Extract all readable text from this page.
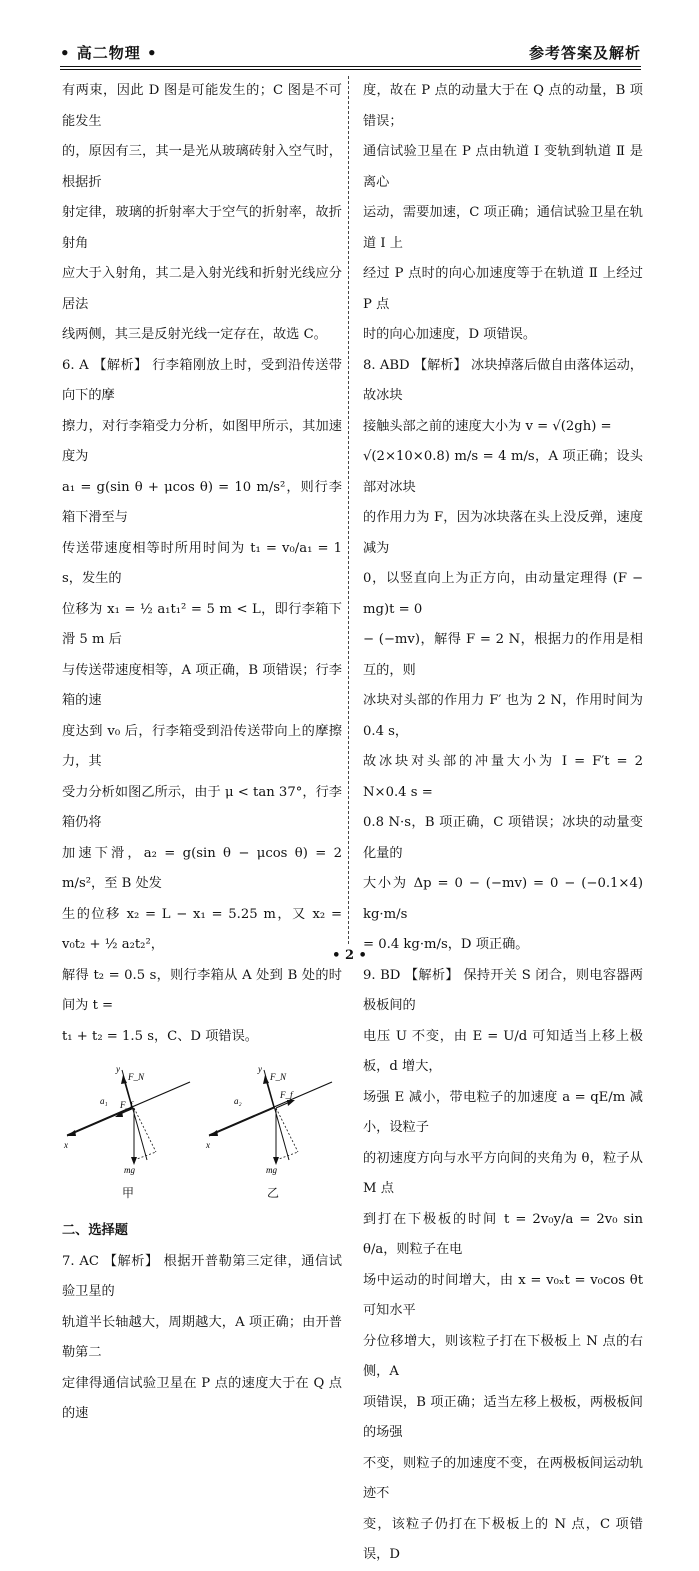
• 高二物理 •	参考答案及解析

有两束，因此 D 图是可能发生的；C 图是不可能发生

的，原因有三，其一是光从玻璃砖射入空气时，根据折

射定律，玻璃的折射率大于空气的折射率，故折射角

应大于入射角，其二是入射光线和折射光线应分居法

线两侧，其三是反射光线一定存在，故选 C。

6. A 【解析】 行李箱刚放上时，受到沿传送带向下的摩

擦力，对行李箱受力分析，如图甲所示，其加速度为

a₁ = g(sin θ + μcos θ) = 10 m/s²，则行李箱下滑至与

传送带速度相等时所用时间为 t₁ = v₀/a₁ = 1 s，发生的

位移为 x₁ = ½ a₁t₁² = 5 m < L，即行李箱下滑 5 m 后

与传送带速度相等，A 项正确，B 项错误；行李箱的速

度达到 v₀ 后，行李箱受到沿传送带向上的摩擦力，其

受力分析如图乙所示，由于 μ < tan 37°，行李箱仍将

加速下滑，a₂ = g(sin θ − μcos θ) = 2 m/s²，至 B 处发

生的位移 x₂ = L − x₁ = 5.25 m，又 x₂ = v₀t₂ + ½ a₂t₂²，

解得 t₂ = 0.5 s，则行李箱从 A 处到 B 处的时间为 t =

t₁ + t₂ = 1.5 s，C、D 项错误。

y
x
F_N
F_f
a₁
mg
甲
y
x
F_N
F_f
a₂
mg
乙

二、选择题

7. AC 【解析】 根据开普勒第三定律，通信试验卫星的

轨道半长轴越大，周期越大，A 项正确；由开普勒第二

定律得通信试验卫星在 P 点的速度大于在 Q 点的速

度，故在 P 点的动量大于在 Q 点的动量，B 项错误；

通信试验卫星在 P 点由轨道 Ⅰ 变轨到轨道 Ⅱ 是离心

运动，需要加速，C 项正确；通信试验卫星在轨道 Ⅰ 上

经过 P 点时的向心加速度等于在轨道 Ⅱ 上经过 P 点

时的向心加速度，D 项错误。

8. ABD 【解析】 冰块掉落后做自由落体运动，故冰块

接触头部之前的速度大小为 v = √(2gh) =

√(2×10×0.8) m/s = 4 m/s，A 项正确；设头部对冰块

的作用力为 F，因为冰块落在头上没反弹，速度减为

0，以竖直向上为正方向，由动量定理得 (F − mg)t = 0

− (−mv)，解得 F = 2 N，根据力的作用是相互的，则

冰块对头部的作用力 F′ 也为 2 N，作用时间为 0.4 s，

故冰块对头部的冲量大小为 I = F′t = 2 N×0.4 s =

0.8 N·s，B 项正确，C 项错误；冰块的动量变化量的

大小为 Δp = 0 − (−mv) = 0 − (−0.1×4) kg·m/s

= 0.4 kg·m/s，D 项正确。

9. BD 【解析】 保持开关 S 闭合，则电容器两极板间的

电压 U 不变，由 E = U/d 可知适当上移上极板，d 增大，

场强 E 减小，带电粒子的加速度 a = qE/m 减小，设粒子

的初速度方向与水平方向间的夹角为 θ，粒子从 M 点

到打在下极板的时间 t = 2v₀y/a = 2v₀ sin θ/a，则粒子在电

场中运动的时间增大，由 x = v₀ₓt = v₀cos θt 可知水平

分位移增大，则该粒子打在下极板上 N 点的右侧，A

项错误，B 项正确；适当左移上极板，两极板间的场强

不变，则粒子的加速度不变，在两极板间运动轨迹不

变，该粒子仍打在下极板上的 N 点，C 项错误，D

• 2 •
